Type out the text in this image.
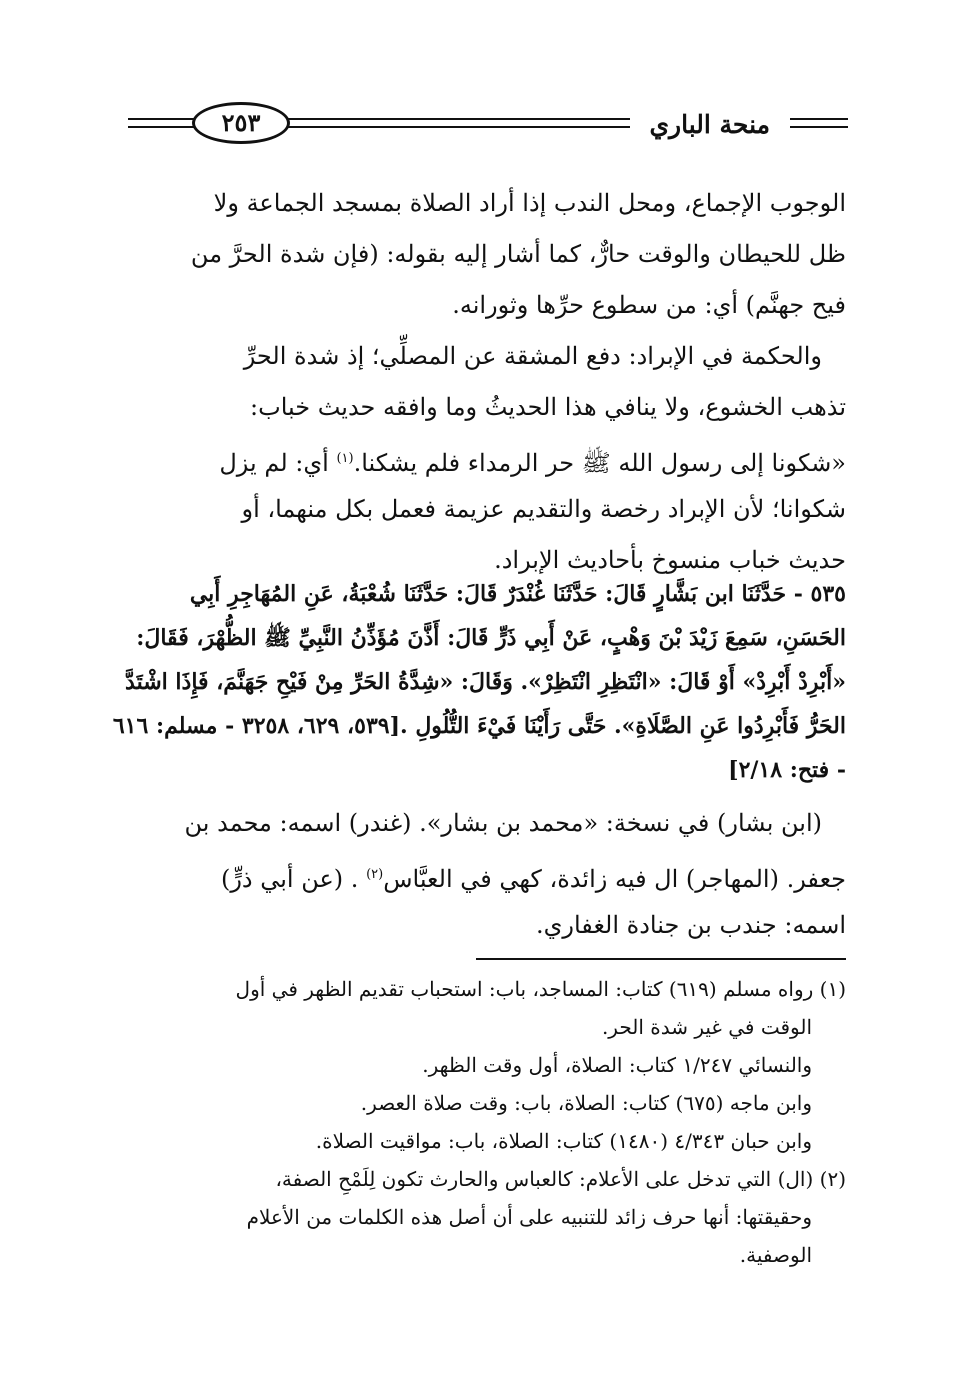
منحة الباري
٢٥٣
الوجوب الإجماع، ومحل الندب إذا أراد الصلاة بمسجد الجماعة ولا
ظل للحيطان والوقت حارٌّ، كما أشار إليه بقوله: (فإن شدة الحرَّ من
فيح جهنَّم) أي: من سطوع حرِّها وثورانه.
والحكمة في الإبراد: دفع المشقة عن المصلِّي؛ إذ شدة الحرِّ
تذهب الخشوع، ولا ينافي هذا الحديثُ وما وافقه حديث خباب:
«شكونا إلى رسول الله ﷺ حر الرمداء فلم يشكنا.$^{(١)}$ أي: لم يزل
شكوانا؛ لأن الإبراد رخصة والتقديم عزيمة فعمل بكل منهما، أو
حديث خباب منسوخ بأحاديث الإبراد.
٥٣٥ - حَدَّثَنَا ابن بَشَّارٍ قَالَ: حَدَّثَنَا غُنْدَرٌ قَالَ: حَدَّثَنَا شُعْبَةُ، عَنِ المُهَاجِرِ أَبِي
الحَسَنِ، سَمِعَ زَيْدَ بْنَ وَهْبٍ، عَنْ أَبِي ذَرٍّ قَالَ: أَذَّنَ مُؤَذِّنُ النَّبِيِّ ﷺ الظُّهْرَ، فَقَالَ:
«أَبْرِدْ أَبْرِدْ» أَوْ قَالَ: «انْتَظِرِ انْتَظِرْ». وَقَالَ: «شِدَّةُ الحَرِّ مِنْ فَيْحِ جَهَنَّمَ، فَإِذَا اشْتَدَّ
الحَرُّ فَأَبْرِدُوا عَنِ الصَّلَاةِ». حَتَّى رَأَيْنَا فَيْءَ التُّلُولِ .[٥٣٩، ٦٢٩، ٣٢٥٨ - مسلم: ٦١٦
- فتح: ٢/١٨]
(ابن بشار) في نسخة: «محمد بن بشار». (غندر) اسمه: محمد بن
جعفر. (المهاجر) ال فيه زائدة، كهي في العبَّاس$^{(٢)}$ . (عن أبي ذرٍّ)
اسمه: جندب بن جنادة الغفاري.
(١) رواه مسلم (٦١٩) كتاب: المساجد، باب: استحباب تقديم الظهر في أول
الوقت في غير شدة الحر.
والنسائي ١/٢٤٧ كتاب: الصلاة، أول وقت الظهر.
وابن ماجه (٦٧٥) كتاب: الصلاة، باب: وقت صلاة العصر.
وابن حبان ٤/٣٤٣ (١٤٨٠) كتاب: الصلاة، باب: مواقيت الصلاة.
(٢) (ال) التي تدخل على الأعلام: كالعباس والحارث تكون لِلَمْحِ الصفة،
وحقيقتها: أنها حرف زائد للتنبيه على أن أصل هذه الكلمات من الأعلام
الوصفية.
